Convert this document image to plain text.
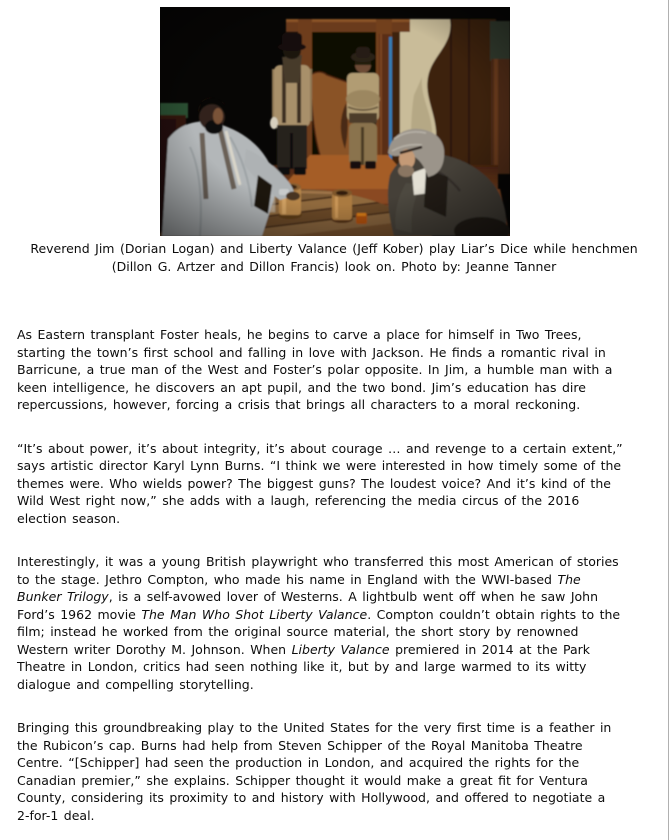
Reverend Jim (Dorian Logan) and Liberty Valance (Jeff Kober) play Liar’s Dice while henchmen
(Dillon G. Artzer and Dillon Francis) look on. Photo by: Jeanne Tanner
As Eastern transplant Foster heals, he begins to carve a place for himself in Two Trees,
starting the town’s first school and falling in love with Jackson. He finds a romantic rival in
Barricune, a true man of the West and Foster’s polar opposite. In Jim, a humble man with a
keen intelligence, he discovers an apt pupil, and the two bond. Jim’s education has dire
repercussions, however, forcing a crisis that brings all characters to a moral reckoning.
“It’s about power, it’s about integrity, it’s about courage … and revenge to a certain extent,”
says artistic director Karyl Lynn Burns. “I think we were interested in how timely some of the
themes were. Who wields power? The biggest guns? The loudest voice? And it’s kind of the
Wild West right now,” she adds with a laugh, referencing the media circus of the 2016
election season.
Interestingly, it was a young British playwright who transferred this most American of stories
to the stage. Jethro Compton, who made his name in England with the WWI-based The
Bunker Trilogy, is a self-avowed lover of Westerns. A lightbulb went off when he saw John
Ford’s 1962 movie The Man Who Shot Liberty Valance. Compton couldn’t obtain rights to the
film; instead he worked from the original source material, the short story by renowned
Western writer Dorothy M. Johnson. When Liberty Valance premiered in 2014 at the Park
Theatre in London, critics had seen nothing like it, but by and large warmed to its witty
dialogue and compelling storytelling.
Bringing this groundbreaking play to the United States for the very first time is a feather in
the Rubicon’s cap. Burns had help from Steven Schipper of the Royal Manitoba Theatre
Centre. “[Schipper] had seen the production in London, and acquired the rights for the
Canadian premier,” she explains. Schipper thought it would make a great fit for Ventura
County, considering its proximity to and history with Hollywood, and offered to negotiate a
2-for-1 deal.
